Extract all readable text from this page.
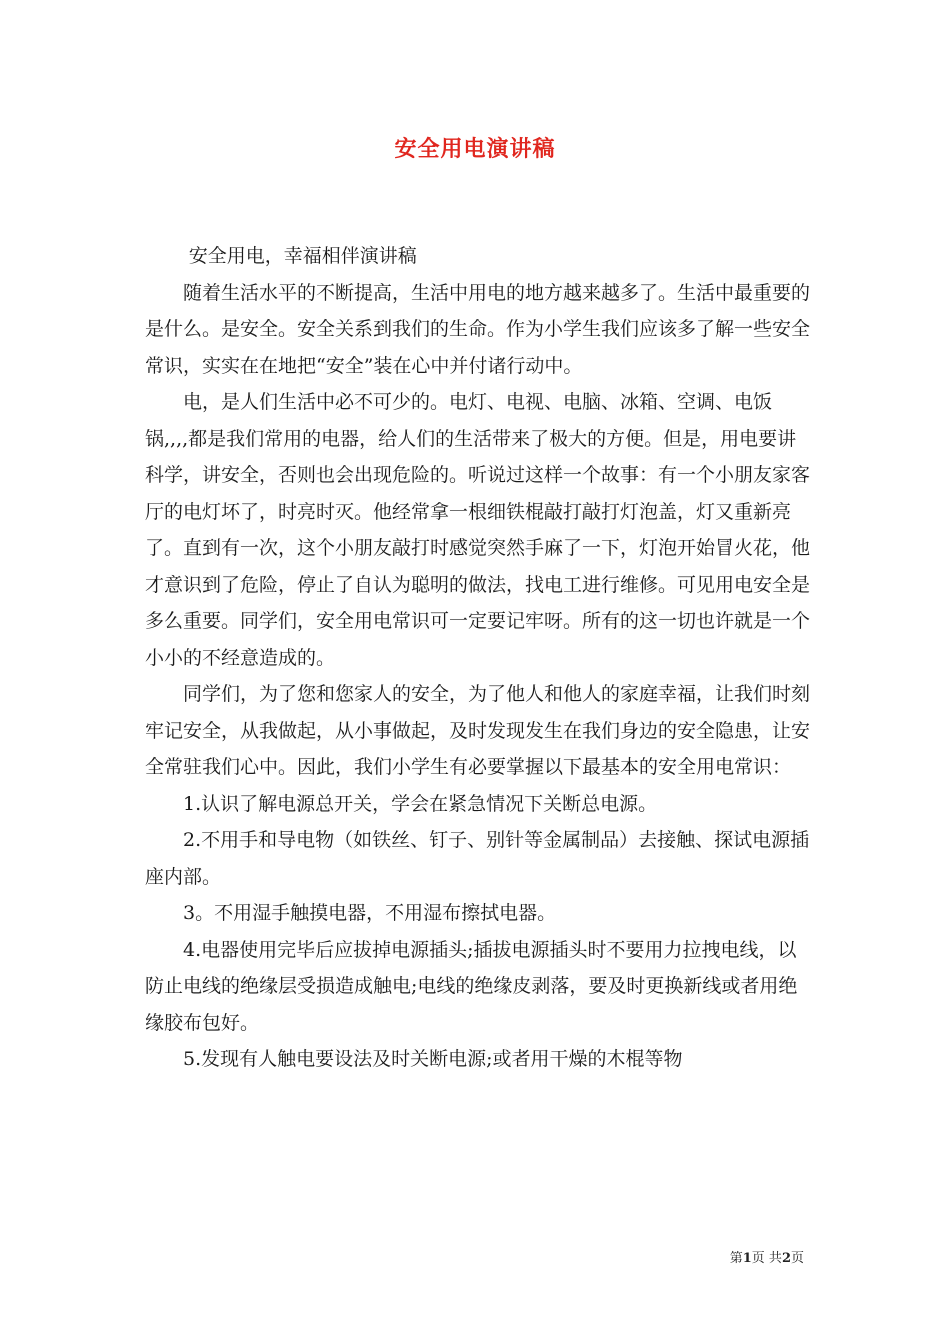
安全用电演讲稿

安全用电，幸福相伴演讲稿

随着生活水平的不断提高，生活中用电的地方越来越多了。生活中最重要的是什么。是安全。安全关系到我们的生命。作为小学生我们应该多了解一些安全常识，实实在在地把“安全”装在心中并付诸行动中。

电，是人们生活中必不可少的。电灯、电视、电脑、冰箱、空调、电饭锅,,,,都是我们常用的电器，给人们的生活带来了极大的方便。但是，用电要讲科学，讲安全，否则也会出现危险的。听说过这样一个故事：有一个小朋友家客厅的电灯坏了，时亮时灭。他经常拿一根细铁棍敲打敲打灯泡盖，灯又重新亮了。直到有一次，这个小朋友敲打时感觉突然手麻了一下，灯泡开始冒火花，他才意识到了危险，停止了自认为聪明的做法，找电工进行维修。可见用电安全是多么重要。同学们，安全用电常识可一定要记牢呀。所有的这一切也许就是一个小小的不经意造成的。

同学们，为了您和您家人的安全，为了他人和他人的家庭幸福，让我们时刻牢记安全，从我做起，从小事做起，及时发现发生在我们身边的安全隐患，让安全常驻我们心中。因此，我们小学生有必要掌握以下最基本的安全用电常识：

1.认识了解电源总开关，学会在紧急情况下关断总电源。

2.不用手和导电物（如铁丝、钉子、别针等金属制品）去接触、探试电源插座内部。

3。不用湿手触摸电器，不用湿布擦拭电器。

4.电器使用完毕后应拔掉电源插头;插拔电源插头时不要用力拉拽电线，以防止电线的绝缘层受损造成触电;电线的绝缘皮剥落，要及时更换新线或者用绝缘胶布包好。

5.发现有人触电要设法及时关断电源;或者用干燥的木棍等物

第1页 共2页
